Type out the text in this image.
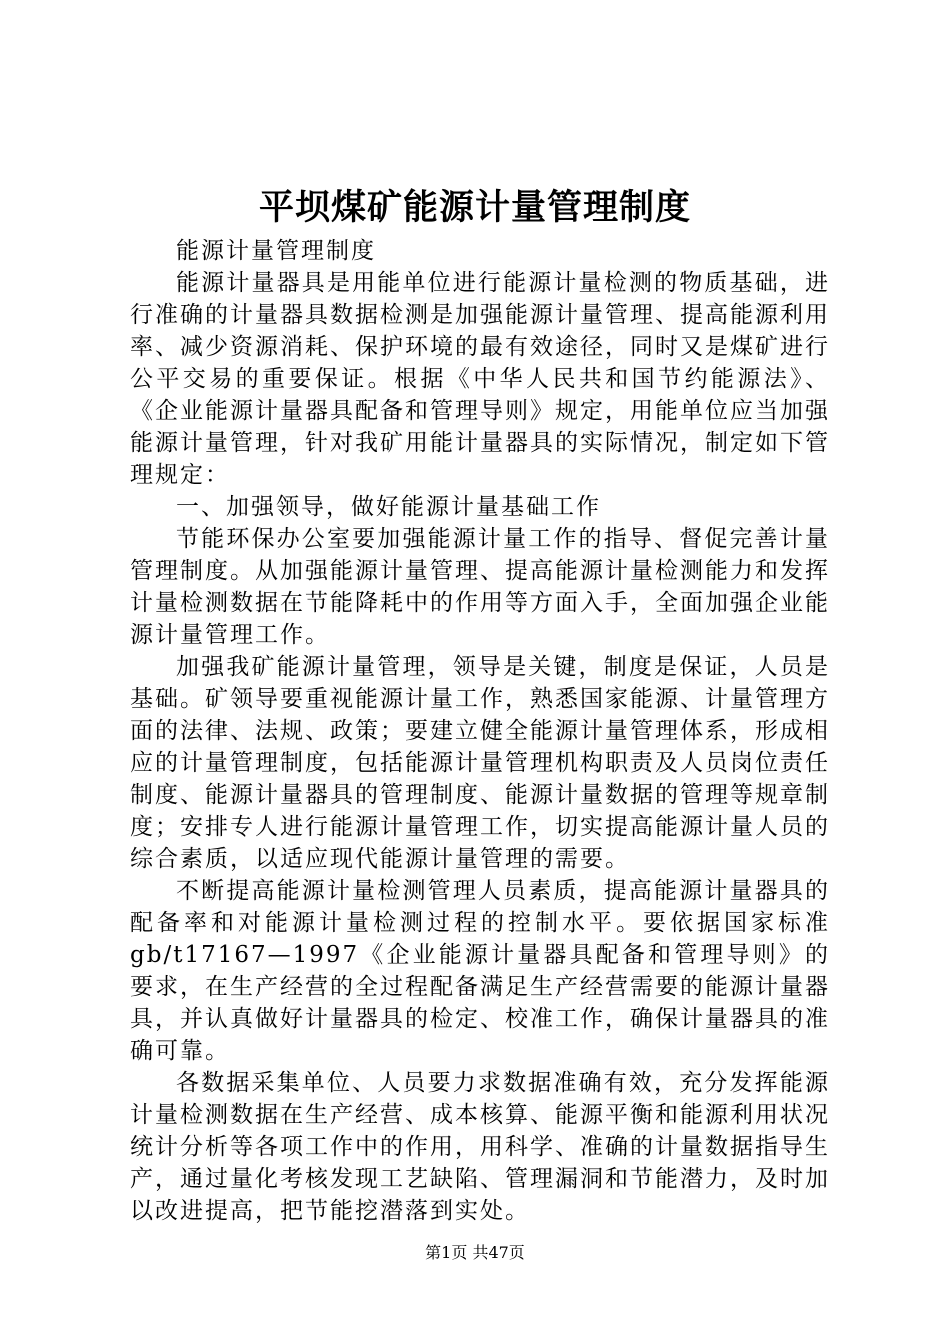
平坝煤矿能源计量管理制度

能源计量管理制度

能源计量器具是用能单位进行能源计量检测的物质基础，进行准确的计量器具数据检测是加强能源计量管理、提高能源利用率、减少资源消耗、保护环境的最有效途径，同时又是煤矿进行公平交易的重要保证。根据《中华人民共和国节约能源法》、《企业能源计量器具配备和管理导则》规定，用能单位应当加强能源计量管理，针对我矿用能计量器具的实际情况，制定如下管理规定：

一、加强领导，做好能源计量基础工作

节能环保办公室要加强能源计量工作的指导、督促完善计量管理制度。从加强能源计量管理、提高能源计量检测能力和发挥计量检测数据在节能降耗中的作用等方面入手，全面加强企业能源计量管理工作。

加强我矿能源计量管理，领导是关键，制度是保证，人员是基础。矿领导要重视能源计量工作，熟悉国家能源、计量管理方面的法律、法规、政策；要建立健全能源计量管理体系，形成相应的计量管理制度，包括能源计量管理机构职责及人员岗位责任制度、能源计量器具的管理制度、能源计量数据的管理等规章制度；安排专人进行能源计量管理工作，切实提高能源计量人员的综合素质，以适应现代能源计量管理的需要。

不断提高能源计量检测管理人员素质，提高能源计量器具的配备率和对能源计量检测过程的控制水平。要依据国家标准gb/t17167—1997《企业能源计量器具配备和管理导则》的要求，在生产经营的全过程配备满足生产经营需要的能源计量器具，并认真做好计量器具的检定、校准工作，确保计量器具的准确可靠。

各数据采集单位、人员要力求数据准确有效，充分发挥能源计量检测数据在生产经营、成本核算、能源平衡和能源利用状况统计分析等各项工作中的作用，用科学、准确的计量数据指导生产，通过量化考核发现工艺缺陷、管理漏洞和节能潜力，及时加以改进提高，把节能挖潜落到实处。

第1页 共47页
